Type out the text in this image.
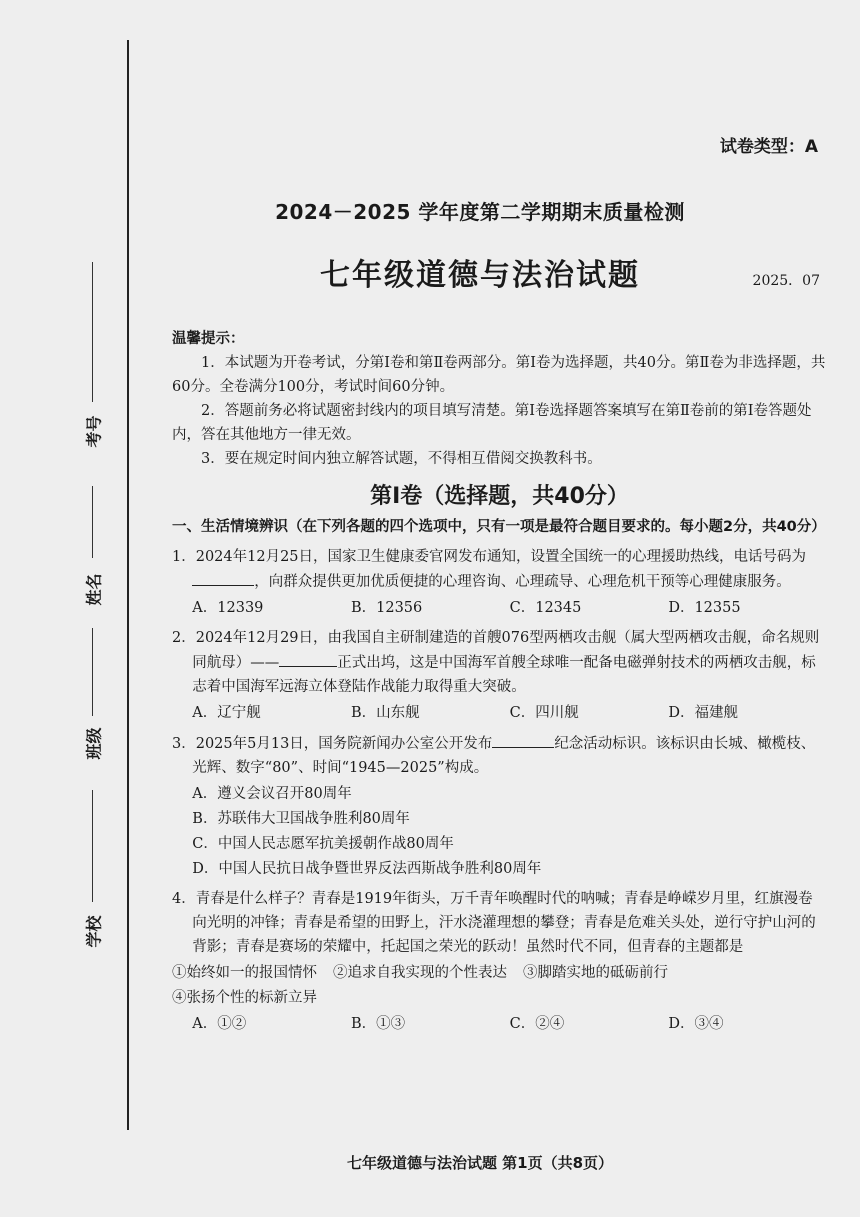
考号
姓名
班级
学校
试卷类型：A
2024－2025 学年度第二学期期末质量检测
七年级道德与法治试题	2025．07
温馨提示：

1．本试题为开卷考试，分第Ⅰ卷和第Ⅱ卷两部分。第Ⅰ卷为选择题，共40分。第Ⅱ卷为非选择题，共60分。全卷满分100分，考试时间60分钟。

2．答题前务必将试题密封线内的项目填写清楚。第Ⅰ卷选择题答案填写在第Ⅱ卷前的第Ⅰ卷答题处内，答在其他地方一律无效。

3．要在规定时间内独立解答试题，不得相互借阅交换教科书。

第Ⅰ卷（选择题，共40分）
一、生活情境辨识（在下列各题的四个选项中，只有一项是最符合题目要求的。每小题2分，共40分）
1．2024年12月25日，国家卫生健康委官网发布通知，设置全国统一的心理援助热线，电话号码为，向群众提供更加优质便捷的心理咨询、心理疏导、心理危机干预等心理健康服务。
A．12339	B．12356	C．12345	D．12355
2．2024年12月29日，由我国自主研制建造的首艘076型两栖攻击舰（属大型两栖攻击舰，命名规则同航母）——	正式出坞，这是中国海军首艘全球唯一配备电磁弹射技术的两栖攻击舰，标志着中国海军远海立体登陆作战能力取得重大突破。
A．辽宁舰	B．山东舰	C．四川舰	D．福建舰
3．2025年5月13日，国务院新闻办公室公开发布	纪念活动标识。该标识由长城、橄榄枝、光辉、数字“80”、时间“1945—2025”构成。
A．遵义会议召开80周年
B．苏联伟大卫国战争胜利80周年
C．中国人民志愿军抗美援朝作战80周年
D．中国人民抗日战争暨世界反法西斯战争胜利80周年
4．青春是什么样子？青春是1919年街头，万千青年唤醒时代的呐喊；青春是峥嵘岁月里，红旗漫卷向光明的冲锋；青春是希望的田野上，汗水浇灌理想的攀登；青春是危难关头处，逆行守护山河的背影；青春是赛场的荣耀中，托起国之荣光的跃动！虽然时代不同，但青春的主题都是
①始终如一的报国情怀 ②追求自我实现的个性表达 ③脚踏实地的砥砺前行
④张扬个性的标新立异
A．①②	B．①③	C．②④	D．③④
七年级道德与法治试题 第1页（共8页）
